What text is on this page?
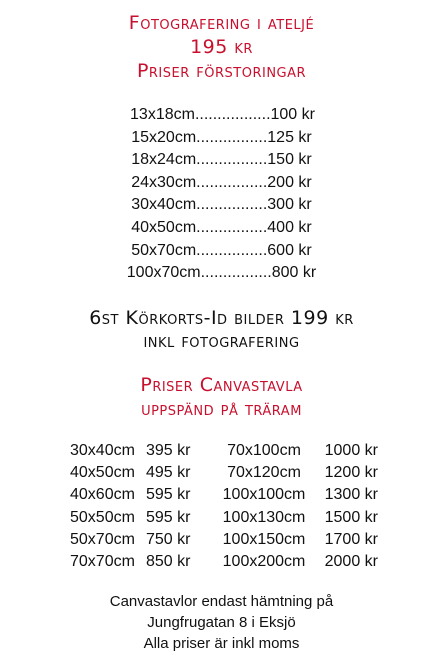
Fotografering i ateljé
195 kr
Priser förstoringar
13x18cm.................100 kr
15x20cm................125 kr
18x24cm................150 kr
24x30cm................200 kr
30x40cm................300 kr
40x50cm................400 kr
50x70cm................600 kr
100x70cm................800 kr
6st Körkorts-Id bilder 199 kr
inkl fotografering
Priser Canvastavla
uppspänd på träram
30x40cm	395 kr	70x100cm	1000 kr
40x50cm	495 kr	70x120cm	1200 kr
40x60cm	595 kr	100x100cm	1300 kr
50x50cm	595 kr	100x130cm	1500 kr
50x70cm	750 kr	100x150cm	1700 kr
70x70cm	850 kr	100x200cm	2000 kr
Canvastavlor endast hämtning på
Jungfrugatan 8 i Eksjö
Alla priser är inkl moms
